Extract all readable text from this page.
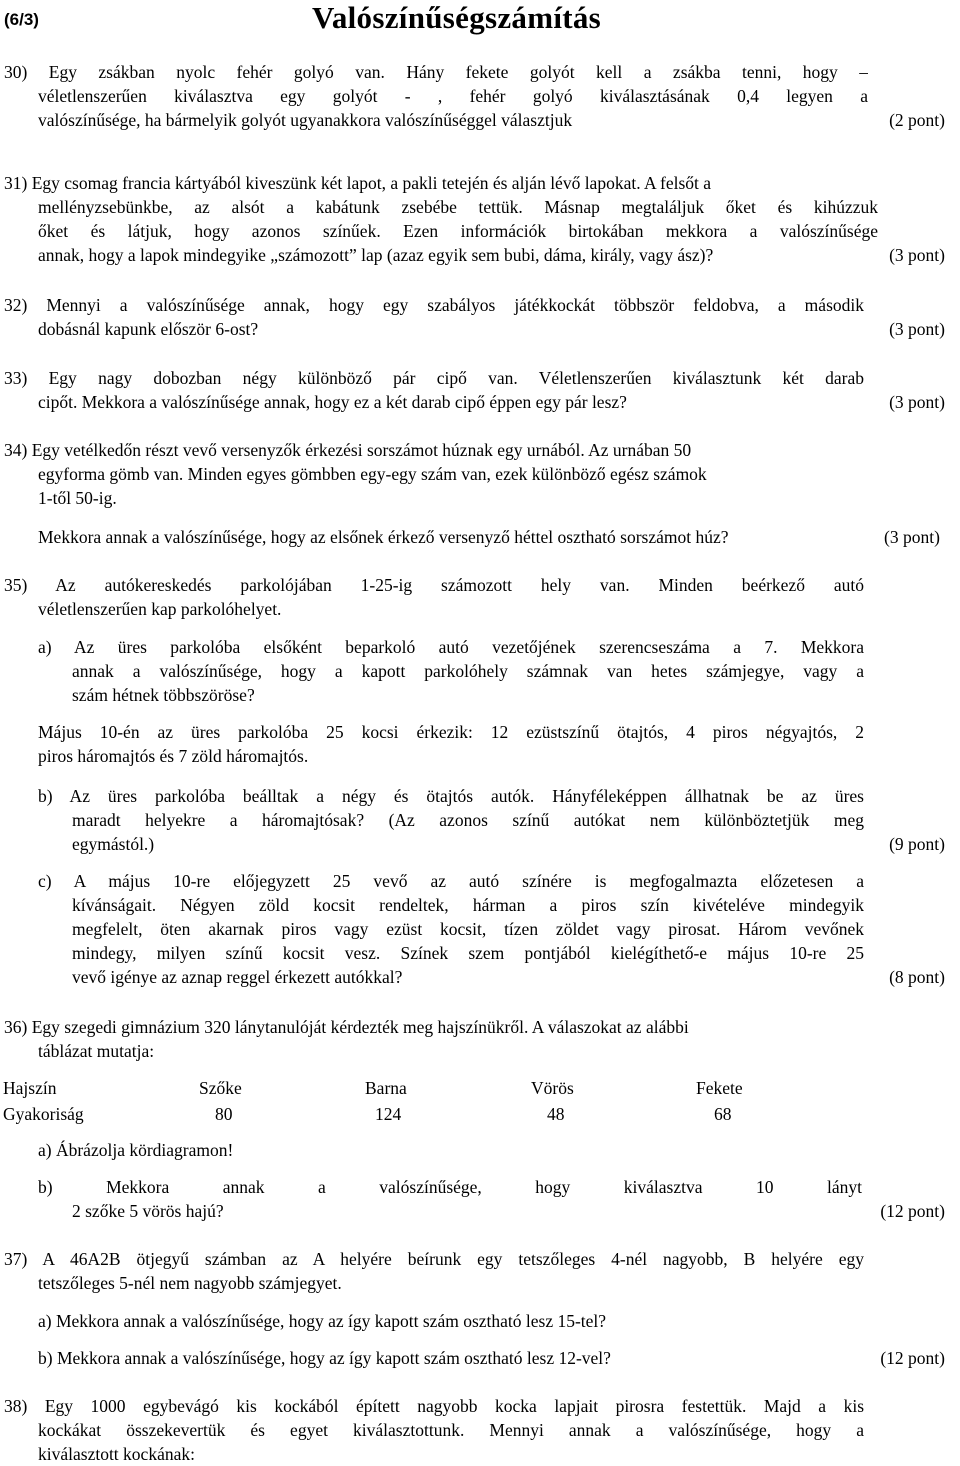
(6/3)	Valószínűségszámítás
30) Egy zsákban nyolc fehér golyó van. Hány fekete golyót kell a zsákba tenni, hogy –
véletlenszerűen kiválasztva egy golyót - , fehér golyó kiválasztásának 0,4 legyen a
valószínűsége, ha bármelyik golyót ugyanakkora valószínűséggel választjuk	(2 pont)
31) Egy csomag francia kártyából kiveszünk két lapot, a pakli tetején és alján lévő lapokat. A felsőt a
mellényzsebünkbe, az alsót a kabátunk zsebébe tettük. Másnap megtaláljuk őket és kihúzzuk
őket és látjuk, hogy azonos színűek. Ezen információk birtokában mekkora a valószínűsége
annak, hogy a lapok mindegyike „számozott” lap (azaz egyik sem bubi, dáma, király, vagy ász)?	(3 pont)
32) Mennyi a valószínűsége annak, hogy egy szabályos játékkockát többször feldobva, a második
dobásnál kapunk először 6-ost?	(3 pont)
33) Egy nagy dobozban négy különböző pár cipő van. Véletlenszerűen kiválasztunk két darab
cipőt. Mekkora a valószínűsége annak, hogy ez a két darab cipő éppen egy pár lesz?	(3 pont)
34) Egy vetélkedőn részt vevő versenyzők érkezési sorszámot húznak egy urnából. Az urnában 50
egyforma gömb van. Minden egyes gömbben egy-egy szám van, ezek különböző egész számok
1-től 50-ig.
Mekkora annak a valószínűsége, hogy az elsőnek érkező versenyző héttel osztható sorszámot húz?	(3 pont)
35) Az autókereskedés parkolójában 1-25-ig számozott hely van. Minden beérkező autó
véletlenszerűen kap parkolóhelyet.
a) Az üres parkolóba elsőként beparkoló autó vezetőjének szerencseszáma a 7. Mekkora
annak a valószínűsége, hogy a kapott parkolóhely számnak van hetes számjegye, vagy a
szám hétnek többszöröse?
Május 10-én az üres parkolóba 25 kocsi érkezik: 12 ezüstszínű ötajtós, 4 piros négyajtós, 2
piros háromajtós és 7 zöld háromajtós.
b) Az üres parkolóba beálltak a négy és ötajtós autók. Hányféleképpen állhatnak be az üres
maradt helyekre a háromajtósak? (Az azonos színű autókat nem különböztetjük meg
egymástól.)	(9 pont)
c) A május 10-re előjegyzett 25 vevő az autó színére is megfogalmazta előzetesen a
kívánságait. Négyen zöld kocsit rendeltek, hárman a piros szín kivételéve mindegyik
megfelelt, öten akarnak piros vagy ezüst kocsit, tízen zöldet vagy pirosat. Három vevőnek
mindegy, milyen színű kocsit vesz. Színek szem pontjából kielégíthető-e május 10-re 25
vevő igénye az aznap reggel érkezett autókkal?	(8 pont)
36) Egy szegedi gimnázium 320 lánytanulóját kérdezték meg hajszínükről. A válaszokat az alábbi
táblázat mutatja:
Hajszín	Szőke	Barna	Vörös	Fekete
Gyakoriság	80	124	48	68
a) Ábrázolja kördiagramon!
b) Mekkora annak a valószínűsége, hogy kiválasztva 10 lányt
2 szőke 5 vörös hajú?	(12 pont)
37) A 46A2B ötjegyű számban az A helyére beírunk egy tetszőleges 4-nél nagyobb, B helyére egy
tetszőleges 5-nél nem nagyobb számjegyet.
a) Mekkora annak a valószínűsége, hogy az így kapott szám osztható lesz 15-tel?
b) Mekkora annak a valószínűsége, hogy az így kapott szám osztható lesz 12-vel?	(12 pont)
38) Egy 1000 egybevágó kis kockából épített nagyobb kocka lapjait pirosra festettük. Majd a kis
kockákat összekevertük és egyet kiválasztottunk. Mennyi annak a valószínűsége, hogy a
kiválasztott kockának:
